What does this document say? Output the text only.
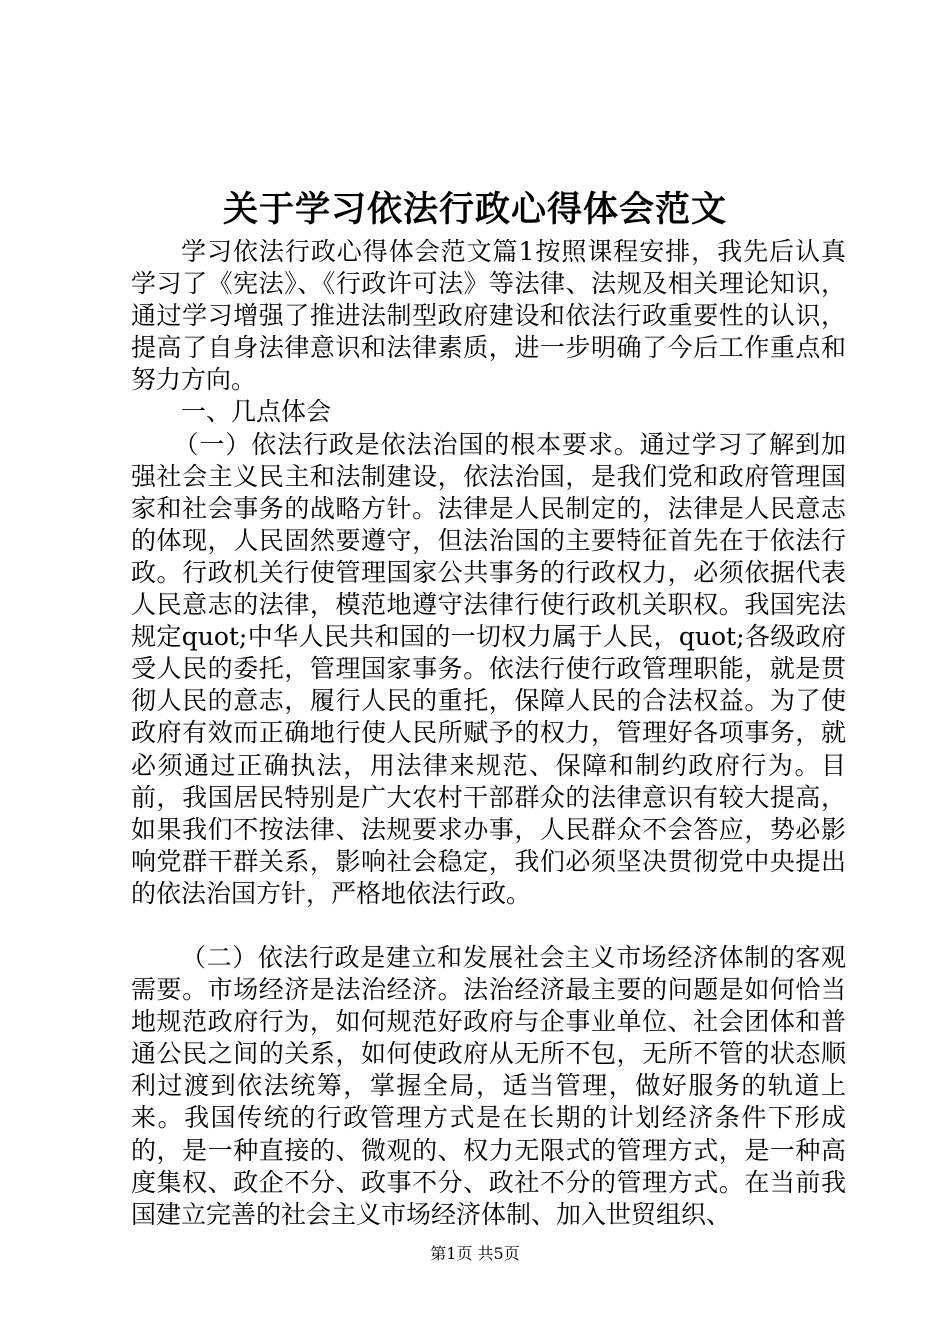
关于学习依法行政心得体会范文

学习依法行政心得体会范文篇1按照课程安排，我先后认真学习了《宪法》、《行政许可法》等法律、法规及相关理论知识，通过学习增强了推进法制型政府建设和依法行政重要性的认识，提高了自身法律意识和法律素质，进一步明确了今后工作重点和努力方向。

一、几点体会

（一）依法行政是依法治国的根本要求。通过学习了解到加强社会主义民主和法制建设，依法治国，是我们党和政府管理国家和社会事务的战略方针。法律是人民制定的，法律是人民意志的体现，人民固然要遵守，但法治国的主要特征首先在于依法行政。行政机关行使管理国家公共事务的行政权力，必须依据代表人民意志的法律，模范地遵守法律行使行政机关职权。我国宪法规定quot;中华人民共和国的一切权力属于人民，quot;各级政府受人民的委托，管理国家事务。依法行使行政管理职能，就是贯彻人民的意志，履行人民的重托，保障人民的合法权益。为了使政府有效而正确地行使人民所赋予的权力，管理好各项事务，就必须通过正确执法，用法律来规范、保障和制约政府行为。目前，我国居民特别是广大农村干部群众的法律意识有较大提高，如果我们不按法律、法规要求办事，人民群众不会答应，势必影响党群干群关系，影响社会稳定，我们必须坚决贯彻党中央提出的依法治国方针，严格地依法行政。

（二）依法行政是建立和发展社会主义市场经济体制的客观需要。市场经济是法治经济。法治经济最主要的问题是如何恰当地规范政府行为，如何规范好政府与企事业单位、社会团体和普通公民之间的关系，如何使政府从无所不包，无所不管的状态顺利过渡到依法统筹，掌握全局，适当管理，做好服务的轨道上来。我国传统的行政管理方式是在长期的计划经济条件下形成的，是一种直接的、微观的、权力无限式的管理方式，是一种高度集权、政企不分、政事不分、政社不分的管理方式。在当前我国建立完善的社会主义市场经济体制、加入世贸组织、

第1页 共5页
